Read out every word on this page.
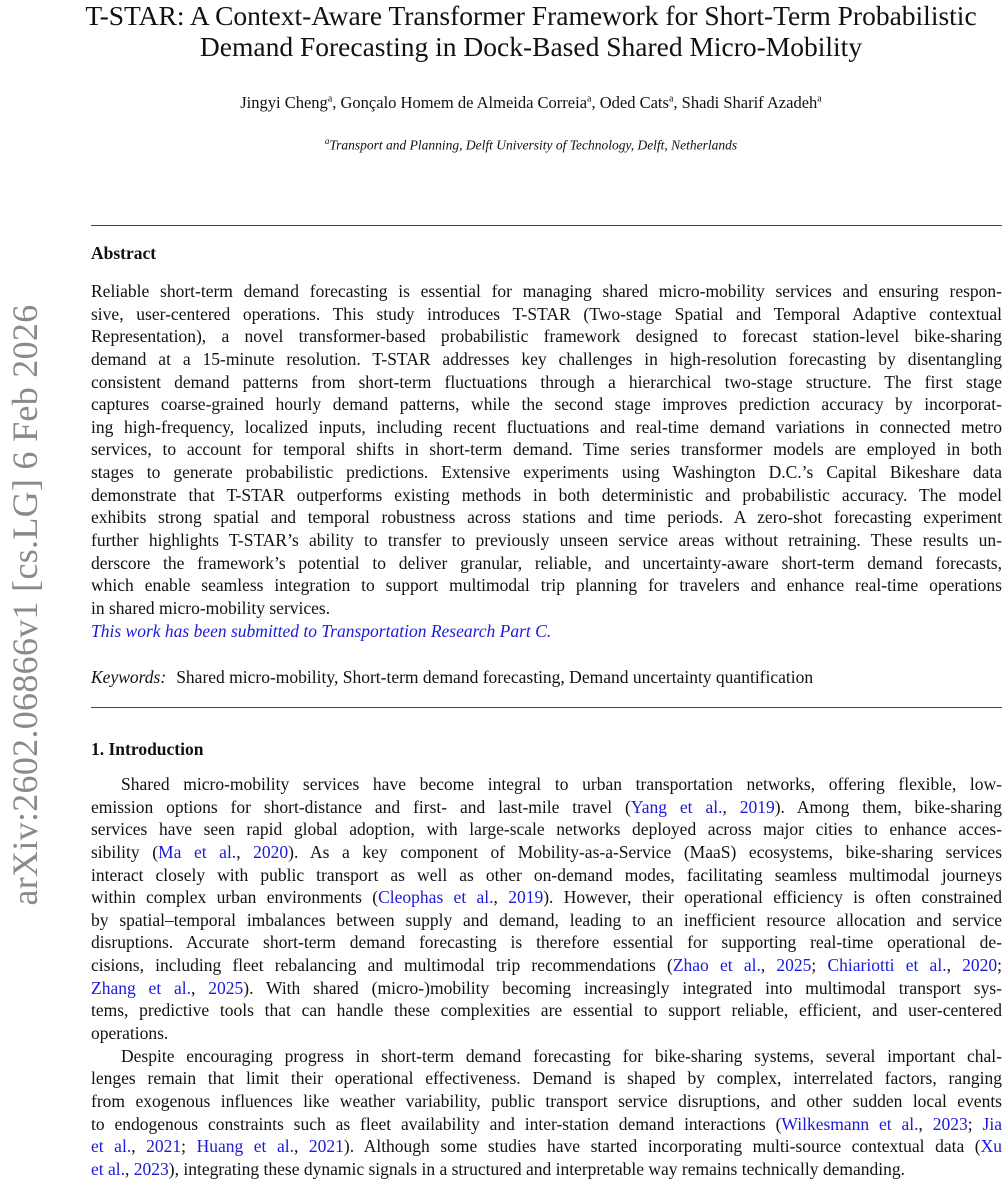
arXiv:2602.06866v1 [cs.LG] 6 Feb 2026
T-STAR: A Context-Aware Transformer Framework for Short-Term Probabilistic
Demand Forecasting in Dock-Based Shared Micro-Mobility
Jingyi Cheng$^a$, Gonçalo Homem de Almeida Correia$^a$, Oded Cats$^a$, Shadi Sharif Azadeh$^a$
$^a$Transport and Planning, Delft University of Technology, Delft, Netherlands
Abstract
Reliable short-term demand forecasting is essential for managing shared micro-mobility services and ensuring respon-
sive, user-centered operations. This study introduces T-STAR (Two-stage Spatial and Temporal Adaptive contextual
Representation), a novel transformer-based probabilistic framework designed to forecast station-level bike-sharing
demand at a 15-minute resolution. T-STAR addresses key challenges in high-resolution forecasting by disentangling
consistent demand patterns from short-term fluctuations through a hierarchical two-stage structure. The first stage
captures coarse-grained hourly demand patterns, while the second stage improves prediction accuracy by incorporat-
ing high-frequency, localized inputs, including recent fluctuations and real-time demand variations in connected metro
services, to account for temporal shifts in short-term demand. Time series transformer models are employed in both
stages to generate probabilistic predictions. Extensive experiments using Washington D.C.’s Capital Bikeshare data
demonstrate that T-STAR outperforms existing methods in both deterministic and probabilistic accuracy. The model
exhibits strong spatial and temporal robustness across stations and time periods. A zero-shot forecasting experiment
further highlights T-STAR’s ability to transfer to previously unseen service areas without retraining. These results un-
derscore the framework’s potential to deliver granular, reliable, and uncertainty-aware short-term demand forecasts,
which enable seamless integration to support multimodal trip planning for travelers and enhance real-time operations
in shared micro-mobility services.
This work has been submitted to Transportation Research Part C.
Keywords: Shared micro-mobility, Short-term demand forecasting, Demand uncertainty quantification
1. Introduction
Shared micro-mobility services have become integral to urban transportation networks, offering flexible, low-
emission options for short-distance and first- and last-mile travel (Yang et al., 2019). Among them, bike-sharing
services have seen rapid global adoption, with large-scale networks deployed across major cities to enhance acces-
sibility (Ma et al., 2020). As a key component of Mobility-as-a-Service (MaaS) ecosystems, bike-sharing services
interact closely with public transport as well as other on-demand modes, facilitating seamless multimodal journeys
within complex urban environments (Cleophas et al., 2019). However, their operational efficiency is often constrained
by spatial–temporal imbalances between supply and demand, leading to an inefficient resource allocation and service
disruptions. Accurate short-term demand forecasting is therefore essential for supporting real-time operational de-
cisions, including fleet rebalancing and multimodal trip recommendations (Zhao et al., 2025; Chiariotti et al., 2020;
Zhang et al., 2025). With shared (micro-)mobility becoming increasingly integrated into multimodal transport sys-
tems, predictive tools that can handle these complexities are essential to support reliable, efficient, and user-centered
operations.
Despite encouraging progress in short-term demand forecasting for bike-sharing systems, several important chal-
lenges remain that limit their operational effectiveness. Demand is shaped by complex, interrelated factors, ranging
from exogenous influences like weather variability, public transport service disruptions, and other sudden local events
to endogenous constraints such as fleet availability and inter-station demand interactions (Wilkesmann et al., 2023; Jia
et al., 2021; Huang et al., 2021). Although some studies have started incorporating multi-source contextual data (Xu
et al., 2023), integrating these dynamic signals in a structured and interpretable way remains technically demanding.
